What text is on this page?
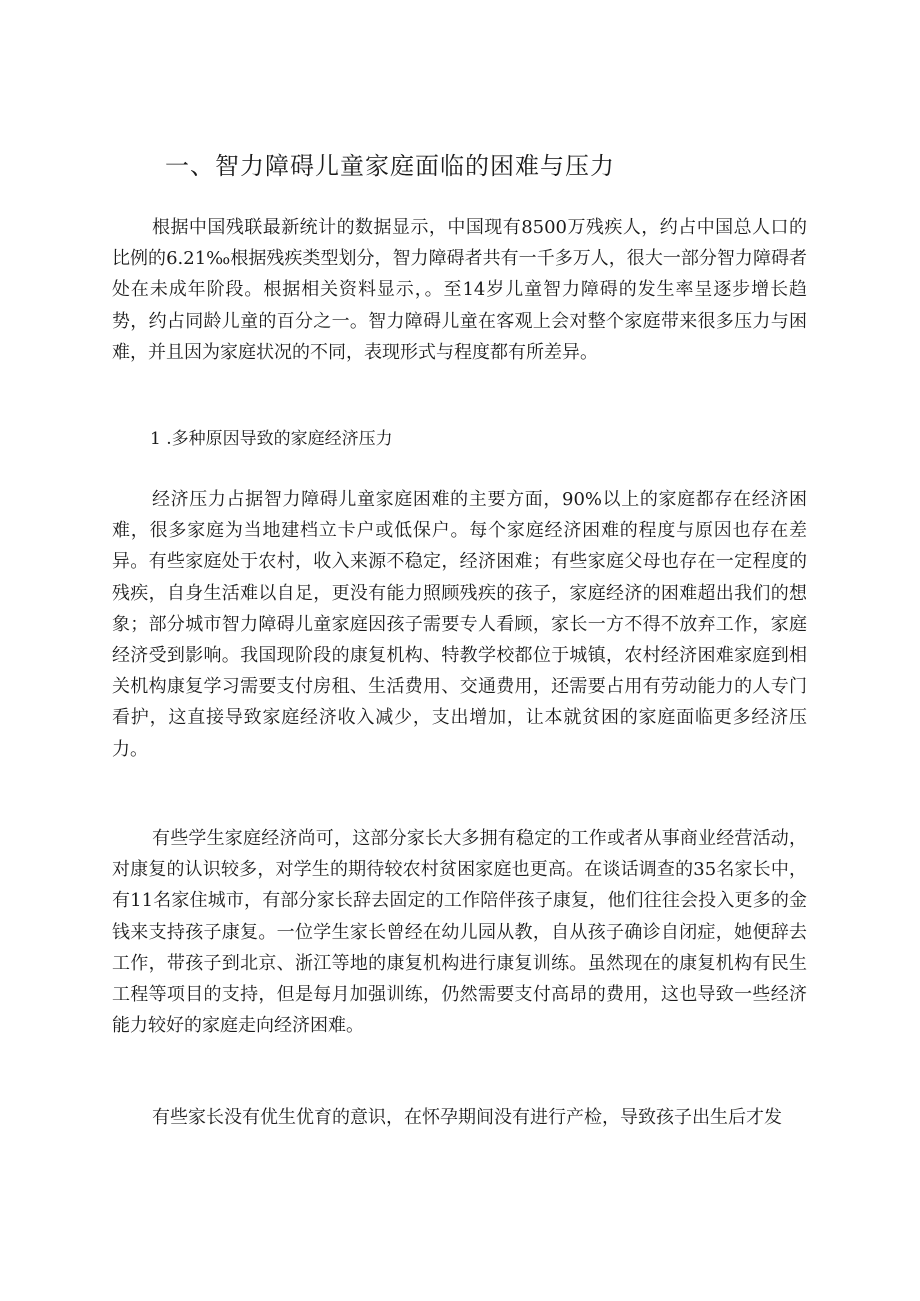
一、智力障碍儿童家庭面临的困难与压力

根据中国残联最新统计的数据显示，中国现有8500万残疾人，约占中国总人口的比例的6.21‰根据残疾类型划分，智力障碍者共有一千多万人，很大一部分智力障碍者处在未成年阶段。根据相关资料显示，。至14岁儿童智力障碍的发生率呈逐步增长趋势，约占同龄儿童的百分之一。智力障碍儿童在客观上会对整个家庭带来很多压力与困难，并且因为家庭状况的不同，表现形式与程度都有所差异。

1 .多种原因导致的家庭经济压力

经济压力占据智力障碍儿童家庭困难的主要方面，90%以上的家庭都存在经济困难，很多家庭为当地建档立卡户或低保户。每个家庭经济困难的程度与原因也存在差异。有些家庭处于农村，收入来源不稳定，经济困难；有些家庭父母也存在一定程度的残疾，自身生活难以自足，更没有能力照顾残疾的孩子，家庭经济的困难超出我们的想象；部分城市智力障碍儿童家庭因孩子需要专人看顾，家长一方不得不放弃工作，家庭经济受到影响。我国现阶段的康复机构、特教学校都位于城镇，农村经济困难家庭到相关机构康复学习需要支付房租、生活费用、交通费用，还需要占用有劳动能力的人专门看护，这直接导致家庭经济收入减少，支出增加，让本就贫困的家庭面临更多经济压力。

有些学生家庭经济尚可，这部分家长大多拥有稳定的工作或者从事商业经营活动，对康复的认识较多，对学生的期待较农村贫困家庭也更高。在谈话调查的35名家长中，有11名家住城市，有部分家长辞去固定的工作陪伴孩子康复，他们往往会投入更多的金钱来支持孩子康复。一位学生家长曾经在幼儿园从教，自从孩子确诊自闭症，她便辞去工作，带孩子到北京、浙江等地的康复机构进行康复训练。虽然现在的康复机构有民生工程等项目的支持，但是每月加强训练，仍然需要支付高昂的费用，这也导致一些经济能力较好的家庭走向经济困难。

有些家长没有优生优育的意识，在怀孕期间没有进行产检，导致孩子出生后才发
